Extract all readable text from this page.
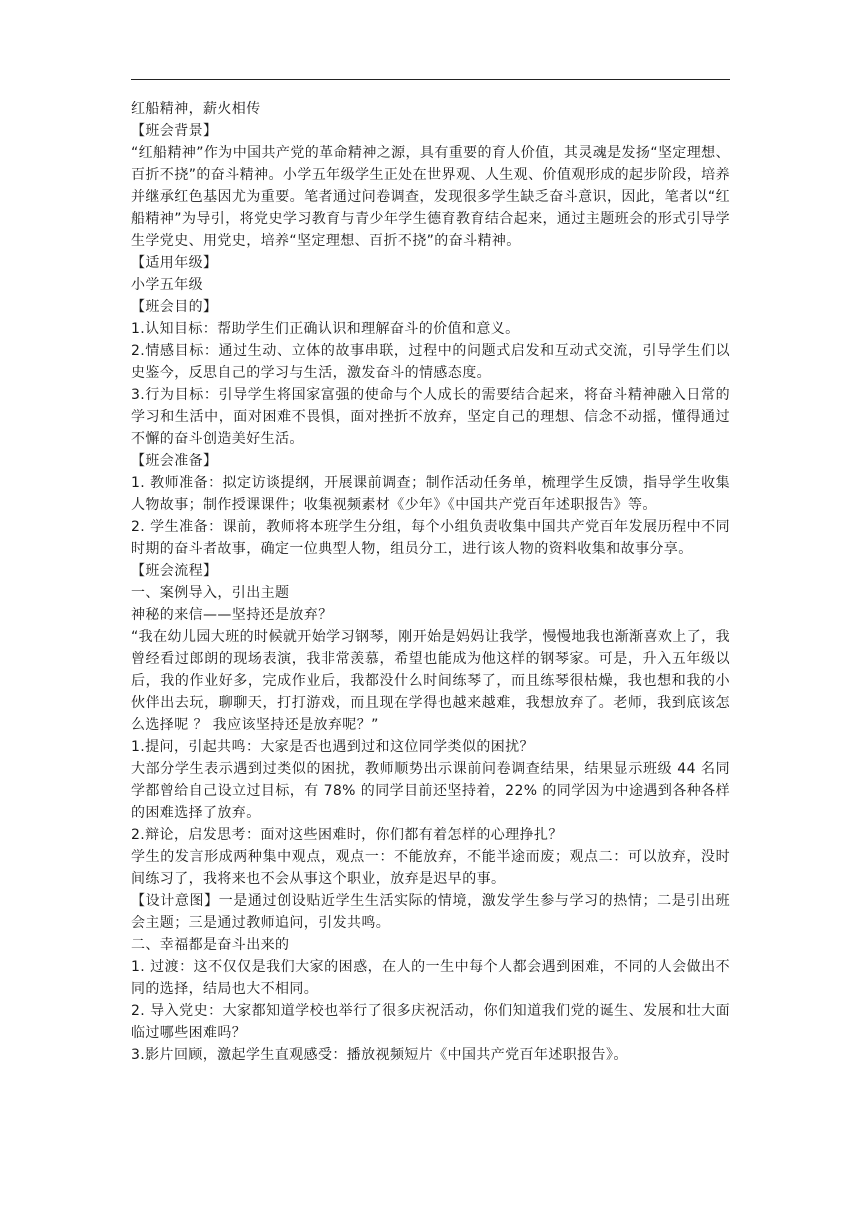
红船精神，薪火相传

【班会背景】

“红船精神”作为中国共产党的革命精神之源，具有重要的育人价值，其灵魂是发扬“坚定理想、百折不挠”的奋斗精神。小学五年级学生正处在世界观、人生观、价值观形成的起步阶段，培养并继承红色基因尤为重要。笔者通过问卷调查，发现很多学生缺乏奋斗意识，因此，笔者以“红船精神”为导引，将党史学习教育与青少年学生德育教育结合起来，通过主题班会的形式引导学生学党史、用党史，培养“坚定理想、百折不挠”的奋斗精神。

【适用年级】

小学五年级

【班会目的】

1.认知目标：帮助学生们正确认识和理解奋斗的价值和意义。

2.情感目标：通过生动、立体的故事串联，过程中的问题式启发和互动式交流，引导学生们以史鉴今，反思自己的学习与生活，激发奋斗的情感态度。

3.行为目标：引导学生将国家富强的使命与个人成长的需要结合起来，将奋斗精神融入日常的学习和生活中，面对困难不畏惧，面对挫折不放弃，坚定自己的理想、信念不动摇，懂得通过不懈的奋斗创造美好生活。

【班会准备】

1. 教师准备：拟定访谈提纲，开展课前调查；制作活动任务单，梳理学生反馈，指导学生收集人物故事；制作授课课件；收集视频素材《少年》《中国共产党百年述职报告》等。

2. 学生准备：课前，教师将本班学生分组，每个小组负责收集中国共产党百年发展历程中不同时期的奋斗者故事，确定一位典型人物，组员分工，进行该人物的资料收集和故事分享。

【班会流程】

一、案例导入，引出主题

神秘的来信——坚持还是放弃？

“我在幼儿园大班的时候就开始学习钢琴，刚开始是妈妈让我学，慢慢地我也渐渐喜欢上了，我曾经看过郎朗的现场表演，我非常羡慕，希望也能成为他这样的钢琴家。可是，升入五年级以后，我的作业好多，完成作业后，我都没什么时间练琴了，而且练琴很枯燥，我也想和我的小伙伴出去玩，聊聊天，打打游戏，而且现在学得也越来越难，我想放弃了。老师，我到底该怎么选择呢 ？ 我应该坚持还是放弃呢？”

1.提问，引起共鸣：大家是否也遇到过和这位同学类似的困扰？

大部分学生表示遇到过类似的困扰，教师顺势出示课前问卷调查结果，结果显示班级 44 名同学都曾给自己设立过目标，有 78% 的同学目前还坚持着，22% 的同学因为中途遇到各种各样的困难选择了放弃。

2.辩论，启发思考：面对这些困难时，你们都有着怎样的心理挣扎？

学生的发言形成两种集中观点，观点一：不能放弃，不能半途而废；观点二：可以放弃，没时间练习了，我将来也不会从事这个职业，放弃是迟早的事。

【设计意图】一是通过创设贴近学生生活实际的情境，激发学生参与学习的热情；二是引出班会主题；三是通过教师追问，引发共鸣。

二、幸福都是奋斗出来的

1. 过渡：这不仅仅是我们大家的困惑，在人的一生中每个人都会遇到困难，不同的人会做出不同的选择，结局也大不相同。

2. 导入党史：大家都知道学校也举行了很多庆祝活动，你们知道我们党的诞生、发展和壮大面临过哪些困难吗？

3.影片回顾，激起学生直观感受：播放视频短片《中国共产党百年述职报告》。
